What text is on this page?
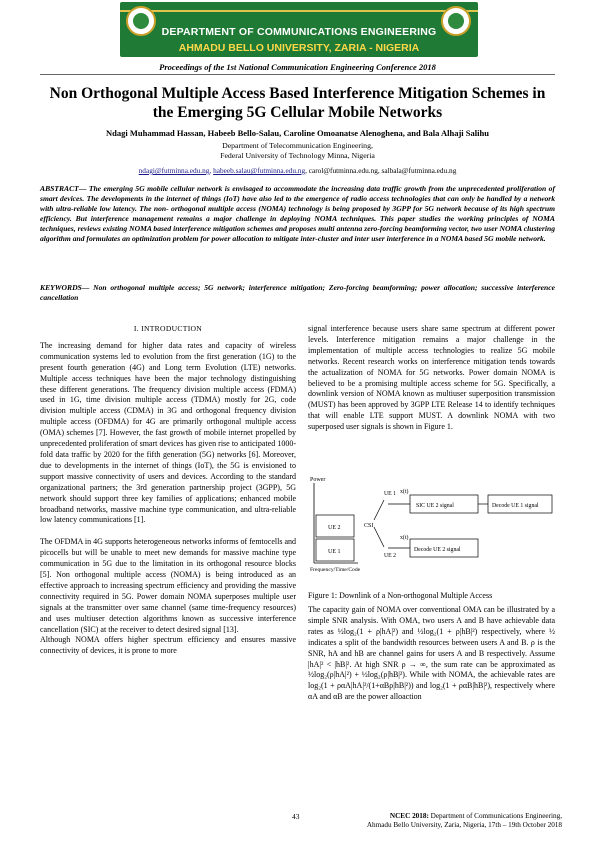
DEPARTMENT OF COMMUNICATIONS ENGINEERING
AHMADU BELLO UNIVERSITY, ZARIA - NIGERIA
Proceedings of the 1st National Communication Engineering Conference 2018
Non Orthogonal Multiple Access Based Interference Mitigation Schemes in the Emerging 5G Cellular Mobile Networks
Ndagi Muhammad Hassan, Habeeb Bello-Salau, Caroline Omoanatse Alenoghena, and Bala Alhaji Salihu
Department of Telecommunication Engineering,
Federal University of Technology Minna, Nigeria
ndagi@futminna.edu.ng, habeeb.salau@futminna.edu.ng, carol@futminna.edu.ng, salbala@futminna.edu.ng
ABSTRACT— The emerging 5G mobile cellular network is envisaged to accommodate the increasing data traffic growth from the unprecedented proliferation of smart devices. The developments in the internet of things (IoT) have also led to the emergence of radio access technologies that can only be handled by a network with ultra-reliable low latency. The non- orthogonal multiple access (NOMA) technology is being proposed by 3GPP for 5G network because of its high spectrum efficiency. But interference management remains a major challenge in deploying NOMA techniques. This paper studies the working principles of NOMA techniques, reviews existing NOMA based interference mitigation schemes and proposes multi antenna zero-forcing beamforming vector, two user NOMA clustering algorithm and formulates an optimization problem for power allocation to mitigate inter-cluster and inter user interference in a NOMA based 5G mobile network.
KEYWORDS— Non orthogonal multiple access; 5G network; interference mitigation; Zero-forcing beamforming; power allocation; successive interference cancellation
I. INTRODUCTION

The increasing demand for higher data rates and capacity of wireless communication systems led to evolution from the first generation (1G) to the present fourth generation (4G) and Long term Evolution (LTE) networks. Multiple access techniques have been the major technology distinguishing these different generations. The frequency division multiple access (FDMA) used in 1G, time division multiple access (TDMA) mostly for 2G, code division multiple access (CDMA) in 3G and orthogonal frequency division multiple access (OFDMA) for 4G are primarily orthogonal multiple access (OMA) schemes [7]. However, the fast growth of mobile internet propelled by unprecedented proliferation of smart devices has given rise to anticipated 1000-fold data traffic by 2020 for the fifth generation (5G) networks [6]. Moreover, due to developments in the internet of things (IoT), the 5G is envisioned to support massive connectivity of users and devices. According to the standard organizational partners; the 3rd generation partnership project (3GPP), 5G network should support three key families of applications; enhanced mobile broadband networks, massive machine type communication, and ultra-reliable low latency communications [1].

The OFDMA in 4G supports heterogeneous networks informs of femtocells and picocells but will be unable to meet new demands for massive machine type communication in 5G due to the limitation in its orthogonal resource blocks [5]. Non orthogonal multiple access (NOMA) is being introduced as an effective approach to increasing spectrum efficiency and providing the massive connectivity required in 5G. Power domain NOMA superposes multiple user signals at the transmitter over same channel (same time-frequency resources) and uses multiuser detection algorithms known as successive interference cancellation (SIC) at the receiver to detect desired signal [13].

Although NOMA offers higher spectrum efficiency and ensures massive connectivity of devices, it is prone to more

signal interference because users share same spectrum at different power levels. Interference mitigation remains a major challenge in the implementation of multiple access technologies to realize 5G mobile networks. Recent research works on interference mitigation tends towards the actualization of NOMA for 5G networks. Power domain NOMA is believed to be a promising multiple access scheme for 5G. Specifically, a downlink version of NOMA known as multiuser superposition transmission (MUST) has been approved by 3GPP LTE Release 14 to identify techniques that will enable LTE support MUST. A downlink NOMA with two superposed user signals is shown in Figure 1.

Power
Frequency/Time/Code
UE 1
UE 2	CSI
UE 1
UE 2
x(t)
x(t)
SIC UE 2 signal	Decode UE 1 signal
Decode UE 2 signal
Figure 1: Downlink of a Non-orthogonal Multiple Access

The capacity gain of NOMA over conventional OMA can be illustrated by a simple SNR analysis. With OMA, two users A and B have achievable data rates as ½log₂(1 + ρ|hA|²) and ½log₂(1 + ρ|hB|²) respectively, where ½ indicates a split of the bandwidth resources between users A and B. ρ is the SNR, hA and hB are channel gains for users A and B respectively. Assume |hA|² < |hB|². At high SNR ρ → ∞, the sum rate can be approximated as ½log₂(ρ|hA|²) + ½log₂(ρ|hB|²). While with NOMA, the achievable rates are log₂(1 + ραA|hA|²/(1+αBρ|hB|²)) and log₂(1 + ραB|hB|²), respectively where αA and αB are the power alloaction

43	NCEC 2018: Department of Communications Engineering,
Ahmadu Bello University, Zaria, Nigeria, 17th – 19th October 2018
